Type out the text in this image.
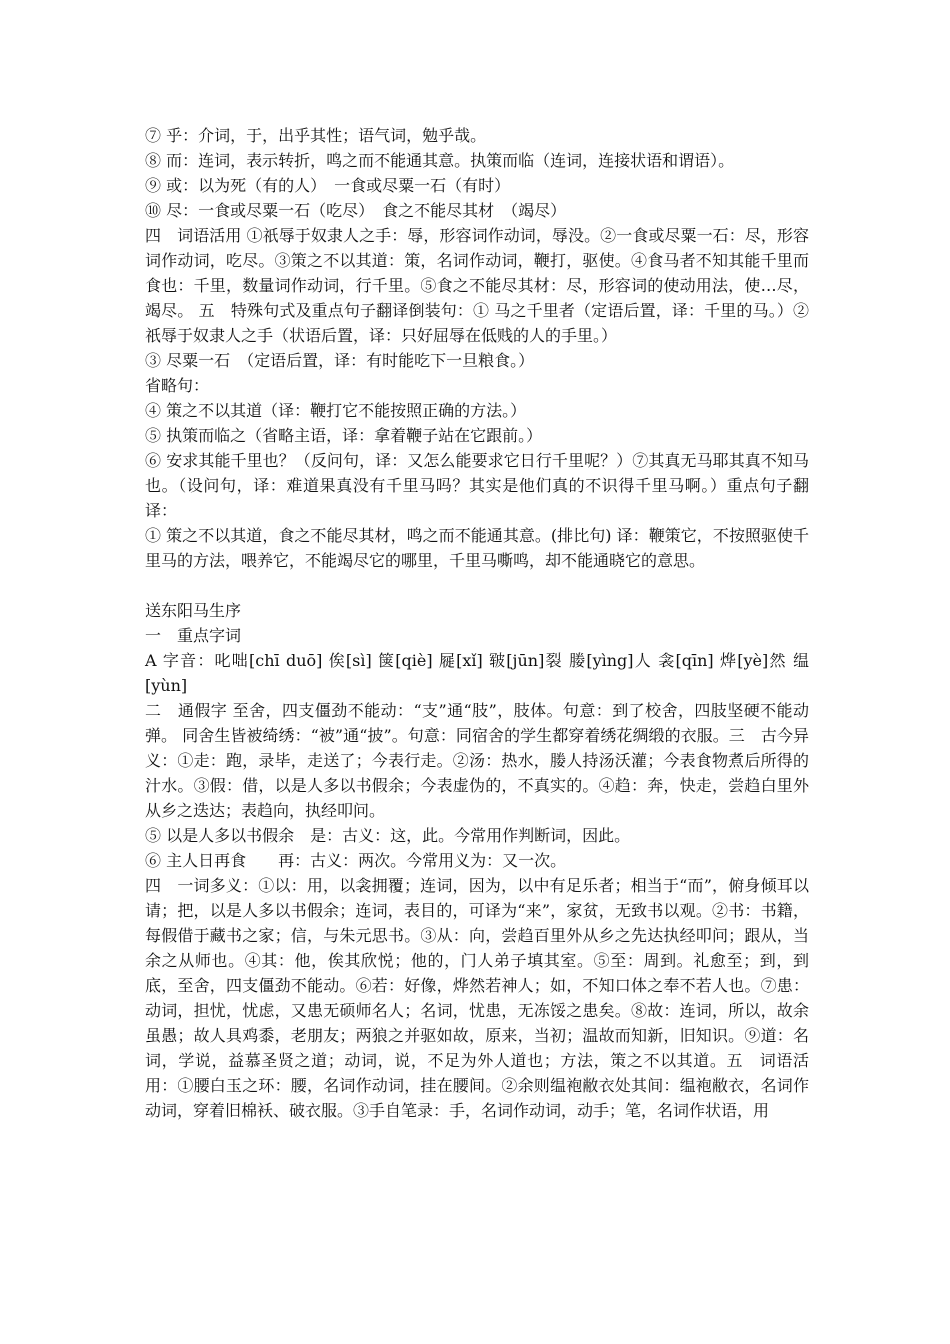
⑦ 乎：介词，于，出乎其性；语气词，勉乎哉。

⑧ 而：连词，表示转折，鸣之而不能通其意。执策而临（连词，连接状语和谓语）。

⑨ 或：以为死（有的人）　一食或尽粟一石（有时）

⑩ 尽：一食或尽粟一石（吃尽）　食之不能尽其材　（竭尽）

四　词语活用 ①祇辱于奴隶人之手：辱，形容词作动词，辱没。②一食或尽粟一石：尽，形容词作动词，吃尽。③策之不以其道：策，名词作动词，鞭打，驱使。④食马者不知其能千里而食也：千里，数量词作动词，行千里。⑤食之不能尽其材：尽，形容词的使动用法，使…尽，竭尽。 五　特殊句式及重点句子翻译倒装句：① 马之千里者（定语后置，译：千里的马。）②祇辱于奴隶人之手（状语后置，译：只好屈辱在低贱的人的手里。）

③ 尽粟一石　（定语后置，译：有时能吃下一旦粮食。）

省略句：

④ 策之不以其道（译：鞭打它不能按照正确的方法。）

⑤ 执策而临之（省略主语，译：拿着鞭子站在它跟前。）

⑥ 安求其能千里也？（反问句，译：又怎么能要求它日行千里呢？）⑦其真无马耶其真不知马也。（设问句，译：难道果真没有千里马吗？其实是他们真的不识得千里马啊。）重点句子翻译：

① 策之不以其道，食之不能尽其材，鸣之而不能通其意。(排比句) 译：鞭策它，不按照驱使千里马的方法，喂养它，不能竭尽它的哪里，千里马嘶鸣，却不能通晓它的意思。

送东阳马生序

一　重点字词

A 字音：叱咄[chī duō] 俟[sì] 箧[qiè] 屣[xǐ] 皲[jūn]裂 媵[yìng]人 衾[qīn] 烨[yè]然 缊[yùn]

二　通假字 至舍，四支僵劲不能动：“支”通“肢”，肢体。句意：到了校舍，四肢坚硬不能动弹。 同舍生皆被绮绣：“被”通“披”。句意：同宿舍的学生都穿着绣花绸缎的衣服。三　古今异义：①走：跑，录毕，走送了；今表行走。②汤：热水，媵人持汤沃灌；今表食物煮后所得的汁水。③假：借，以是人多以书假余；今表虚伪的，不真实的。④趋：奔，快走，尝趋白里外从乡之迭达；表趋向，执经叩问。

⑤ 以是人多以书假余　是：古义：这，此。今常用作判断词，因此。

⑥ 主人日再食　　再：古义：两次。今常用义为：又一次。

四　一词多义：①以：用，以衾拥覆；连词，因为，以中有足乐者；相当于“而”，俯身倾耳以请；把，以是人多以书假余；连词，表目的，可译为“来”，家贫，无致书以观。②书：书籍，每假借于藏书之家；信，与朱元思书。③从：向，尝趋百里外从乡之先达执经叩问；跟从，当余之从师也。④其：他，俟其欣悦；他的，门人弟子填其室。⑤至：周到。礼愈至；到，到底，至舍，四支僵劲不能动。⑥若：好像，烨然若神人；如，不知口体之奉不若人也。⑦患：动词，担忧，忧虑，又患无硕师名人；名词，忧患，无冻馁之患矣。⑧故：连词，所以，故余虽愚；故人具鸡黍，老朋友；两狼之并驱如故，原来，当初；温故而知新，旧知识。⑨道：名词，学说，益慕圣贤之道；动词，说，不足为外人道也；方法，策之不以其道。五　词语活用：①腰白玉之环：腰，名词作动词，挂在腰间。②余则缊袍敝衣处其间：缊袍敝衣，名词作动词，穿着旧棉袄、破衣服。③手自笔录：手，名词作动词，动手；笔，名词作状语，用
